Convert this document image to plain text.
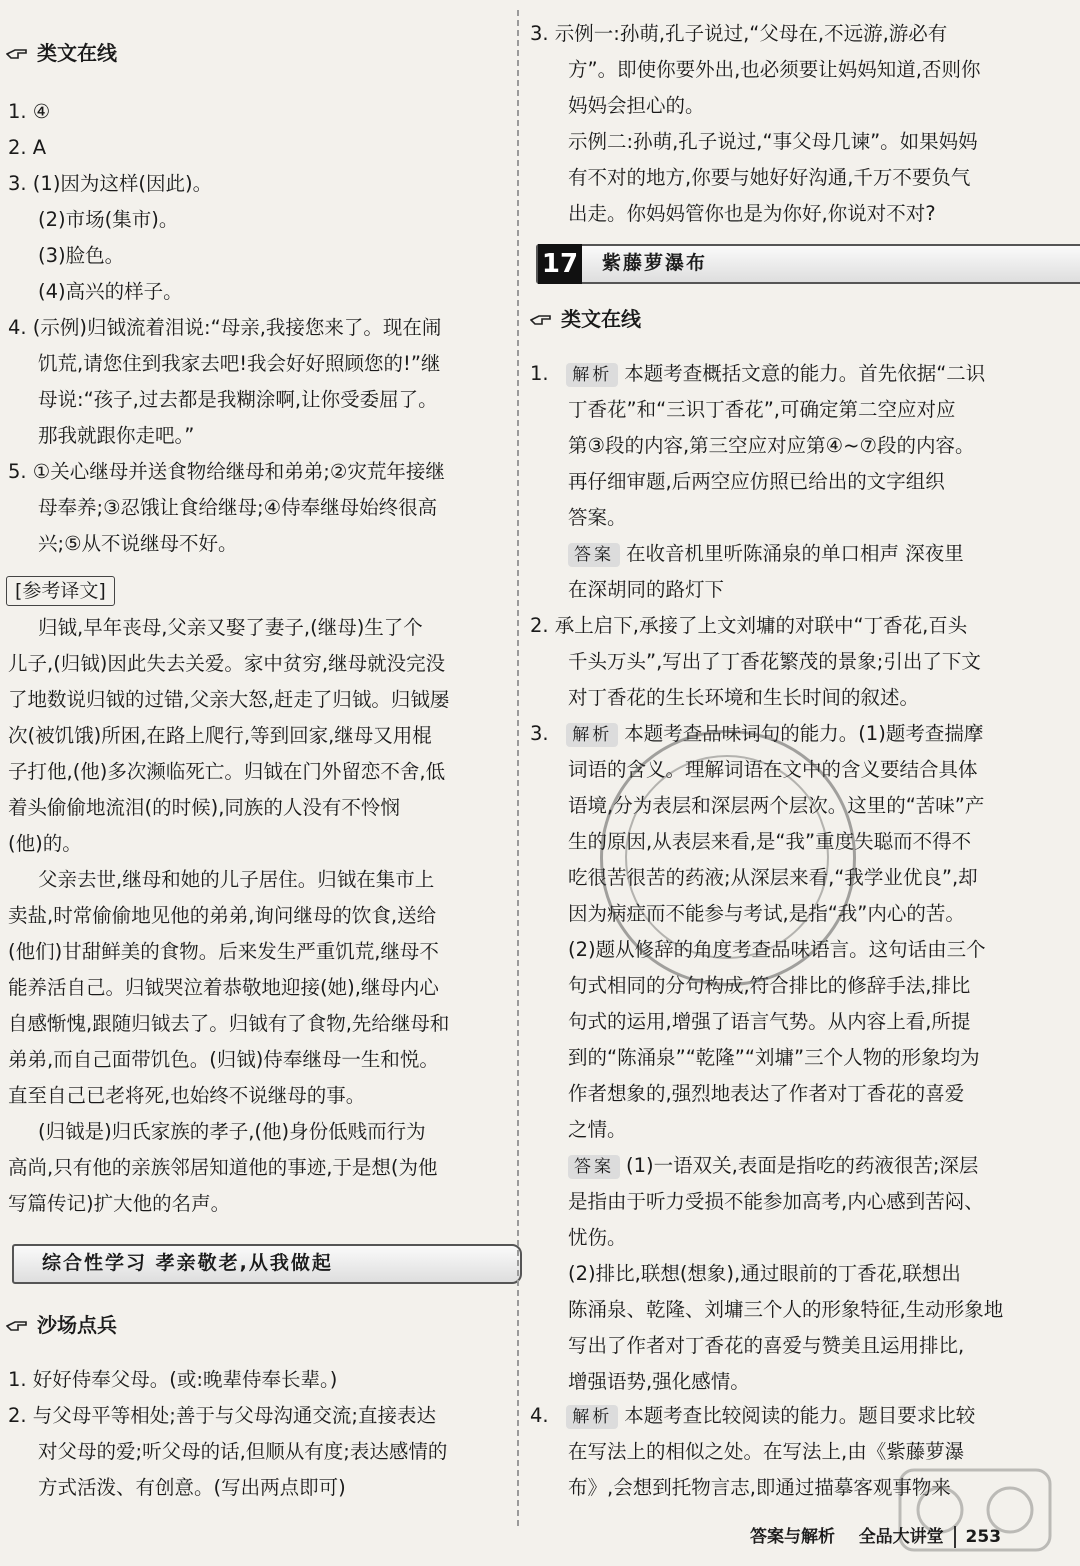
类文在线
1. ④
2. A
3. (1)因为这样(因此)。
(2)市场(集市)。
(3)脸色。
(4)高兴的样子。
4. (示例)归钺流着泪说:“母亲,我接您来了。现在闹
饥荒,请您住到我家去吧!我会好好照顾您的!”继
母说:“孩子,过去都是我糊涂啊,让你受委屈了。
那我就跟你走吧。”
5. ①关心继母并送食物给继母和弟弟;②灾荒年接继
母奉养;③忍饿让食给继母;④侍奉继母始终很高
兴;⑤从不说继母不好。
[参考译文]
归钺,早年丧母,父亲又娶了妻子,(继母)生了个
儿子,(归钺)因此失去关爱。家中贫穷,继母就没完没
了地数说归钺的过错,父亲大怒,赶走了归钺。归钺屡
次(被饥饿)所困,在路上爬行,等到回家,继母又用棍
子打他,(他)多次濒临死亡。归钺在门外留恋不舍,低
着头偷偷地流泪(的时候),同族的人没有不怜悯
(他)的。
父亲去世,继母和她的儿子居住。归钺在集市上
卖盐,时常偷偷地见他的弟弟,询问继母的饮食,送给
(他们)甘甜鲜美的食物。后来发生严重饥荒,继母不
能养活自己。归钺哭泣着恭敬地迎接(她),继母内心
自感惭愧,跟随归钺去了。归钺有了食物,先给继母和
弟弟,而自己面带饥色。(归钺)侍奉继母一生和悦。
直至自己已老将死,也始终不说继母的事。
(归钺是)归氏家族的孝子,(他)身份低贱而行为
高尚,只有他的亲族邻居知道他的事迹,于是想(为他
写篇传记)扩大他的名声。
综合性学习 孝亲敬老,从我做起
沙场点兵
1. 好好侍奉父母。(或:晚辈侍奉长辈。)
2. 与父母平等相处;善于与父母沟通交流;直接表达
对父母的爱;听父母的话,但顺从有度;表达感情的
方式活泼、有创意。(写出两点即可)
3. 示例一:孙萌,孔子说过,“父母在,不远游,游必有
方”。即使你要外出,也必须要让妈妈知道,否则你
妈妈会担心的。
示例二:孙萌,孔子说过,“事父母几谏”。如果妈妈
有不对的地方,你要与她好好沟通,千万不要负气
出走。你妈妈管你也是为你好,你说对不对?
17 紫藤萝瀑布
类文在线
1. 解析 本题考查概括文意的能力。首先依据“二识
丁香花”和“三识丁香花”,可确定第二空应对应
第③段的内容,第三空应对应第④~⑦段的内容。
再仔细审题,后两空应仿照已给出的文字组织
答案。
答案 在收音机里听陈涌泉的单口相声 深夜里
在深胡同的路灯下
2. 承上启下,承接了上文刘墉的对联中“丁香花,百头
千头万头”,写出了丁香花繁茂的景象;引出了下文
对丁香花的生长环境和生长时间的叙述。
3. 解析 本题考查品味词句的能力。(1)题考查揣摩
词语的含义。理解词语在文中的含义要结合具体
语境,分为表层和深层两个层次。这里的“苦味”产
生的原因,从表层来看,是“我”重度失聪而不得不
吃很苦很苦的药液;从深层来看,“我学业优良”,却
因为病症而不能参与考试,是指“我”内心的苦。
(2)题从修辞的角度考查品味语言。这句话由三个
句式相同的分句构成,符合排比的修辞手法,排比
句式的运用,增强了语言气势。从内容上看,所提
到的“陈涌泉”“乾隆”“刘墉”三个人物的形象均为
作者想象的,强烈地表达了作者对丁香花的喜爱
之情。
答案 (1)一语双关,表面是指吃的药液很苦;深层
是指由于听力受损不能参加高考,内心感到苦闷、
忧伤。
(2)排比,联想(想象),通过眼前的丁香花,联想出
陈涌泉、乾隆、刘墉三个人的形象特征,生动形象地
写出了作者对丁香花的喜爱与赞美且运用排比,
增强语势,强化感情。
4. 解析 本题考查比较阅读的能力。题目要求比较
在写法上的相似之处。在写法上,由《紫藤萝瀑
布》,会想到托物言志,即通过描摹客观事物来
答案与解析 全品大讲堂 253
